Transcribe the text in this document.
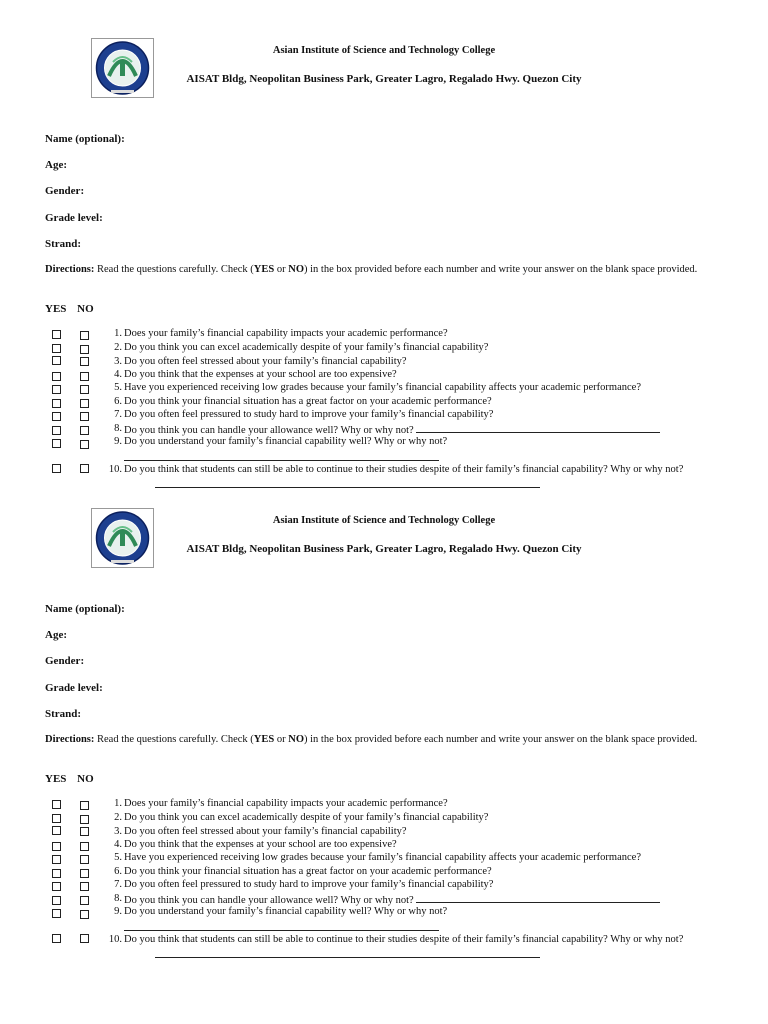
Asian Institute of Science and Technology College
AISAT Bldg, Neopolitan Business Park, Greater Lagro, Regalado Hwy. Quezon City
Name (optional):
Age:
Gender:
Grade level:
Strand:
Directions: Read the questions carefully. Check (YES or NO) in the box provided before each number and write your answer on the blank space provided.
YES NO
1. Does your family’s financial capability impacts your academic performance?
2. Do you think you can excel academically despite of your family’s financial capability?
3. Do you often feel stressed about your family’s financial capability?
4. Do you think that the expenses at your school are too expensive?
5. Have you experienced receiving low grades because your family’s financial capability affects your academic performance?
6. Do you think your financial situation has a great factor on your academic performance?
7. Do you often feel pressured to study hard to improve your family’s financial capability?
8. Do you think you can handle your allowance well? Why or why not?
9. Do you understand your family’s financial capability well? Why or why not?
10. Do you think that students can still be able to continue to their studies despite of their family’s financial capability? Why or why not?
Asian Institute of Science and Technology College
AISAT Bldg, Neopolitan Business Park, Greater Lagro, Regalado Hwy. Quezon City
Name (optional):
Age:
Gender:
Grade level:
Strand:
Directions: Read the questions carefully. Check (YES or NO) in the box provided before each number and write your answer on the blank space provided.
YES NO
1. Does your family’s financial capability impacts your academic performance?
2. Do you think you can excel academically despite of your family’s financial capability?
3. Do you often feel stressed about your family’s financial capability?
4. Do you think that the expenses at your school are too expensive?
5. Have you experienced receiving low grades because your family’s financial capability affects your academic performance?
6. Do you think your financial situation has a great factor on your academic performance?
7. Do you often feel pressured to study hard to improve your family’s financial capability?
8. Do you think you can handle your allowance well? Why or why not?
9. Do you understand your family’s financial capability well? Why or why not?
10. Do you think that students can still be able to continue to their studies despite of their family’s financial capability? Why or why not?
